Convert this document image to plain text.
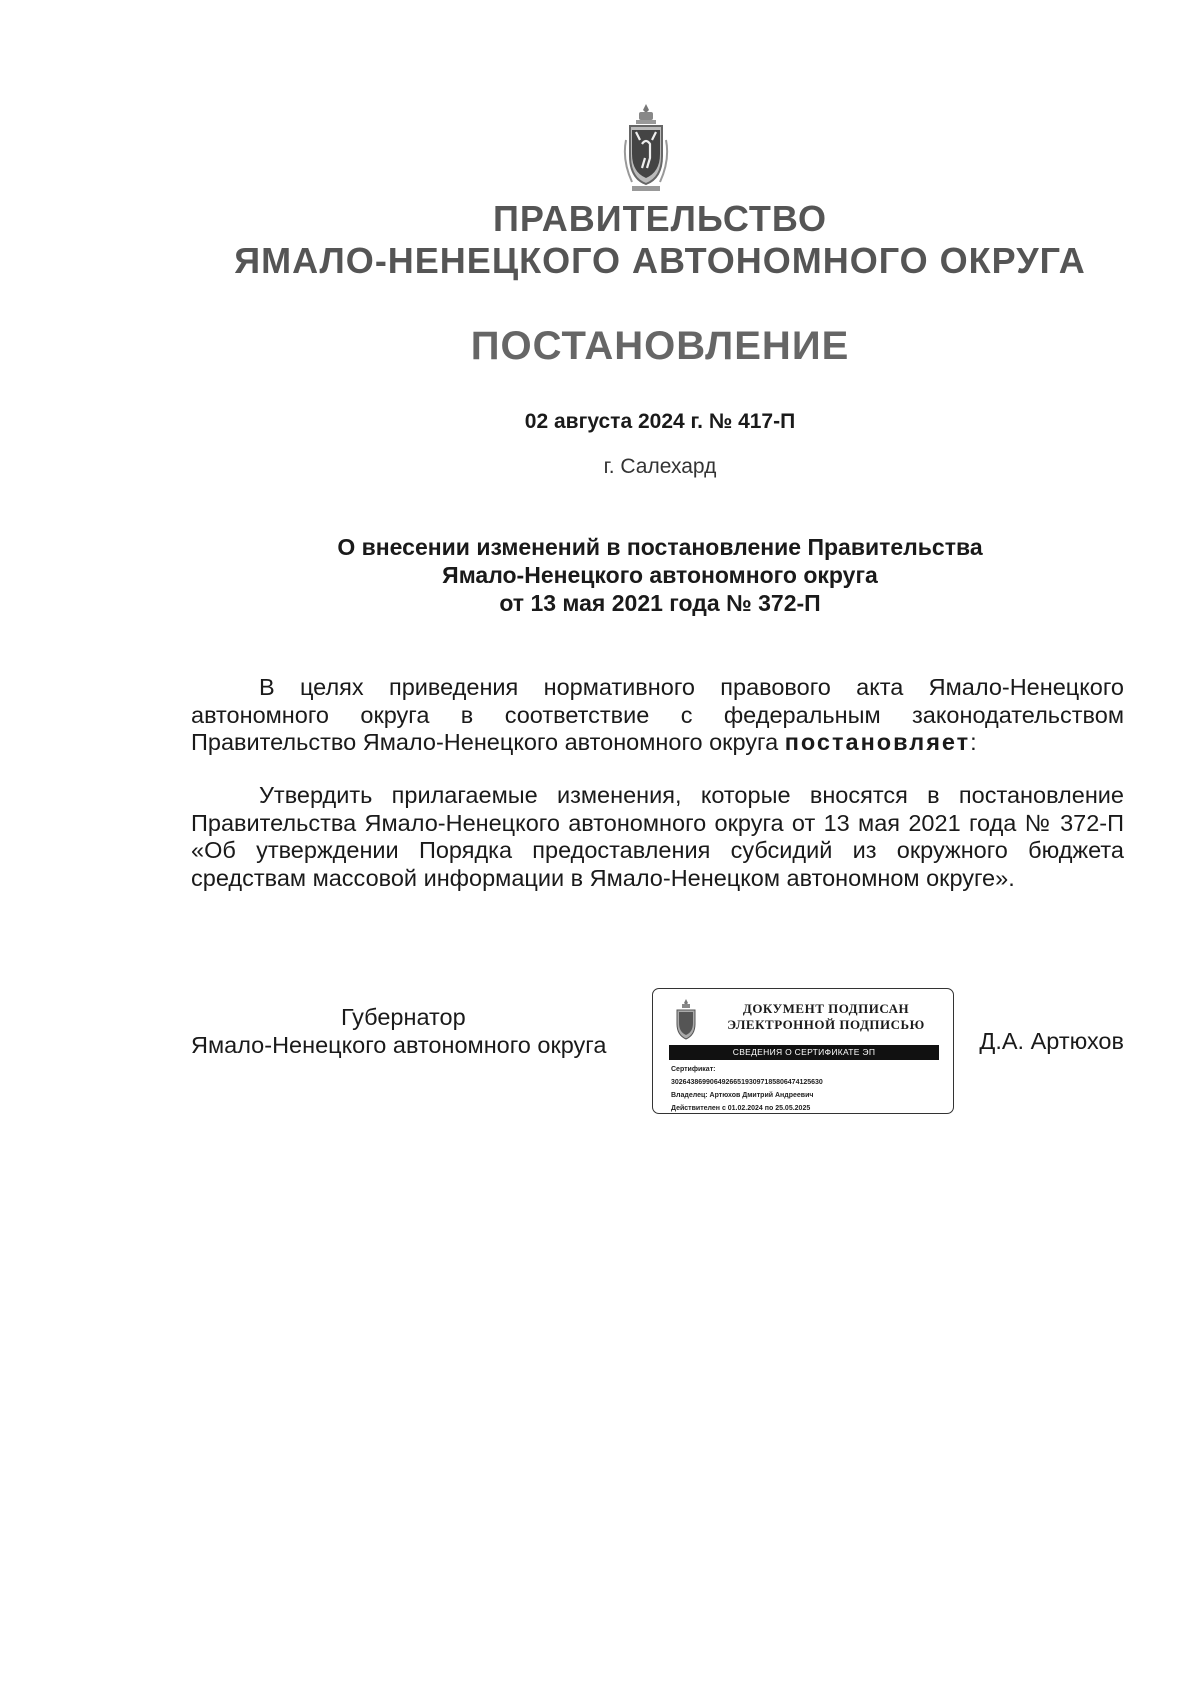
ПРАВИТЕЛЬСТВО
ЯМАЛО-НЕНЕЦКОГО АВТОНОМНОГО ОКРУГА
ПОСТАНОВЛЕНИЕ
02 августа 2024 г. № 417-П
г. Салехард
О внесении изменений в постановление Правительства
Ямало-Ненецкого автономного округа
от 13 мая 2021 года № 372-П
В целях приведения нормативного правового акта Ямало-Ненецкого автономного округа в соответствие с федеральным законодательством Правительство Ямало-Ненецкого автономного округа постановляет:
Утвердить прилагаемые изменения, которые вносятся в постановление Правительства Ямало-Ненецкого автономного округа от 13 мая 2021 года № 372-П «Об утверждении Порядка предоставления субсидий из окружного бюджета средствам массовой информации в Ямало-Ненецком автономном округе».
Губернатор
Ямало-Ненецкого автономного округа
ДОКУМЕНТ ПОДПИСАН
ЭЛЕКТРОННОЙ ПОДПИСЬЮ
СВЕДЕНИЯ О СЕРТИФИКАТЕ ЭП
Сертификат:
302643869906492665193097185806474125630
Владелец: Артюхов Дмитрий Андреевич
Действителен с 01.02.2024 по 25.05.2025
Д.А. Артюхов
